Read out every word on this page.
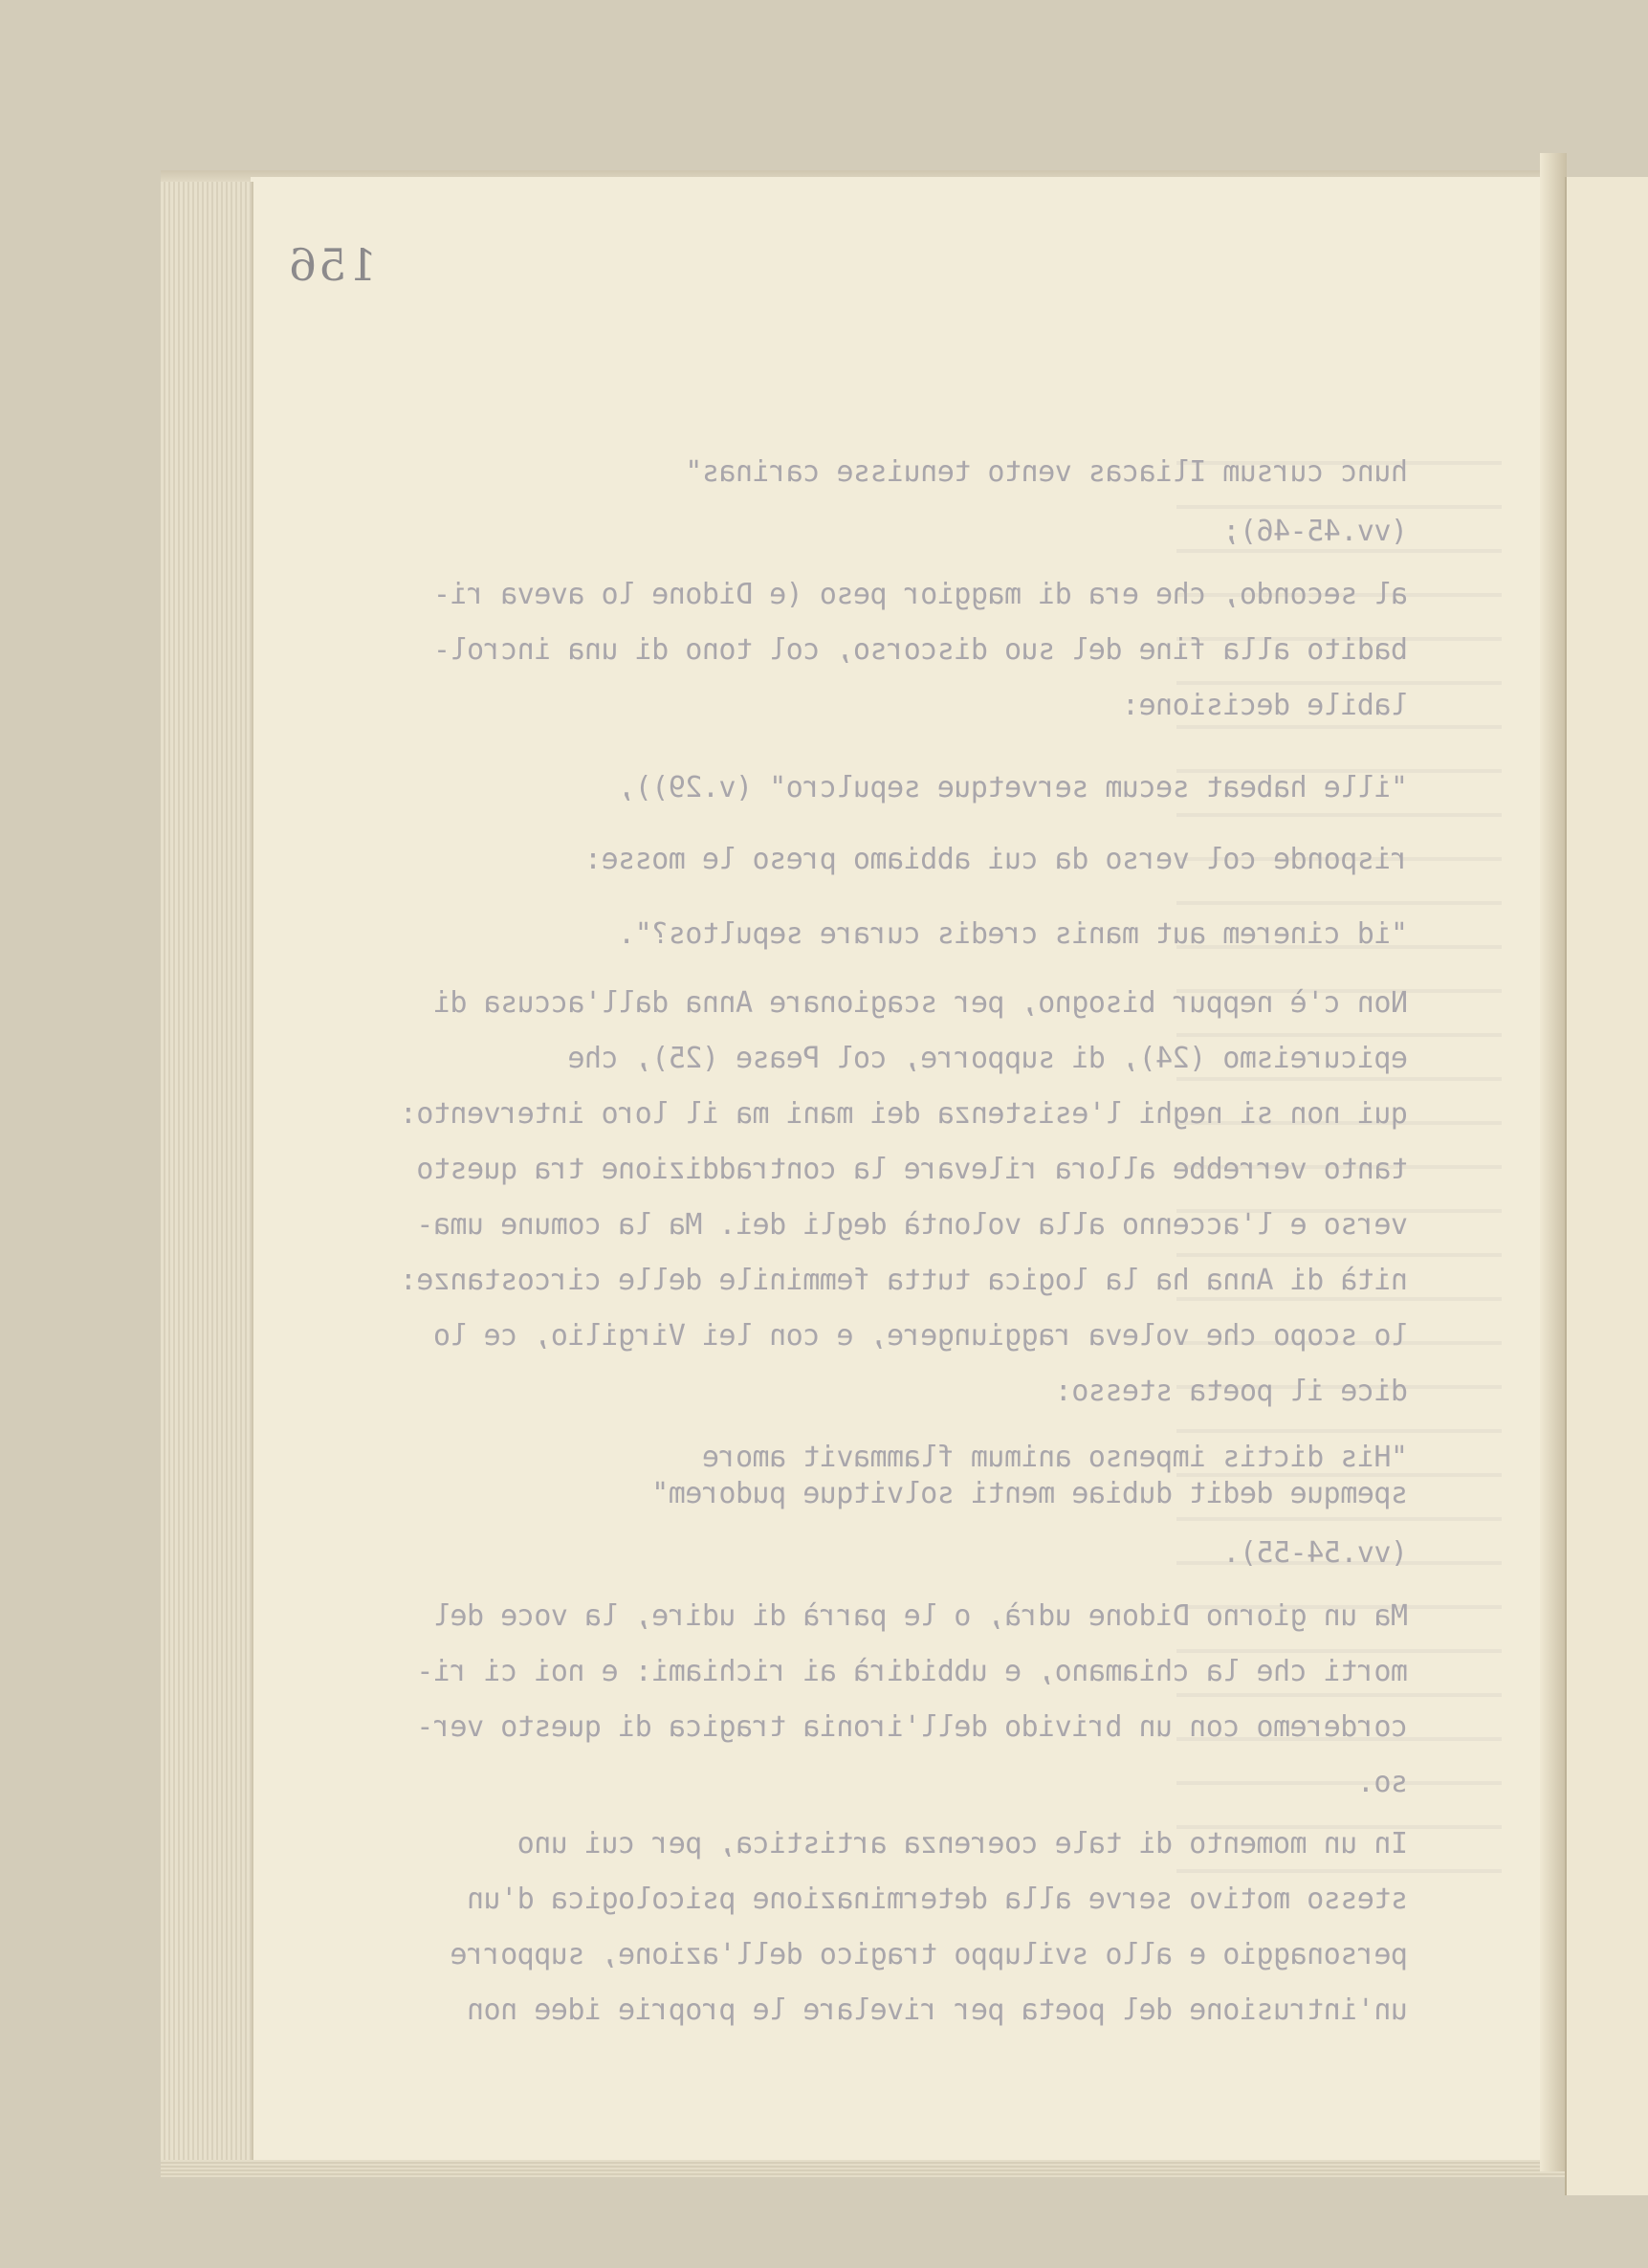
156
hunc cursum Iliacas vento tenuisse carinas"
(vv.45-46);
al secondo, che era di maggior peso (e Didone lo aveva ri-
badito alla fine del suo discorso, col tono di una incrol-
labile decisione:
"ille habeat secum servetque sepulcro" (v.29)),
risponde col verso da cui abbiamo preso le mosse:
"id cinerem aut manis credis curare sepultos?".
Non c'è neppur bisogno, per scagionare Anna dall'accusa di
epicureismo (24), di supporre, col Pease (25), che
qui non si neghi l'esistenza dei mani ma il loro intervento:
tanto verrebbe allora rilevare la contraddizione tra questo
verso e l'accenno alla volontà degli dei. Ma la comune uma-
nità di Anna ha la logica tutta femminile delle circostanze:
lo scopo che voleva raggiungere, e con lei Virgilio, ce lo
dice il poeta stesso:
"His dictis impenso animum flammavit amore
spemque dedit dubiae menti solvitque pudorem"
(vv.54-55).
Ma un giorno Didone udrà, o le parrà di udire, la voce del
morti che la chiamano, e ubbidirà ai richiami: e noi ci ri-
corderemo con un brivido dell'ironia tragica di questo ver-
so.
In un momento di tale coerenza artistica, per cui uno
stesso motivo serve alla determinazione psicologica d'un
personaggio e allo sviluppo tragico dell'azione, supporre
un'intrusione del poeta per rivelare le proprie idee non
